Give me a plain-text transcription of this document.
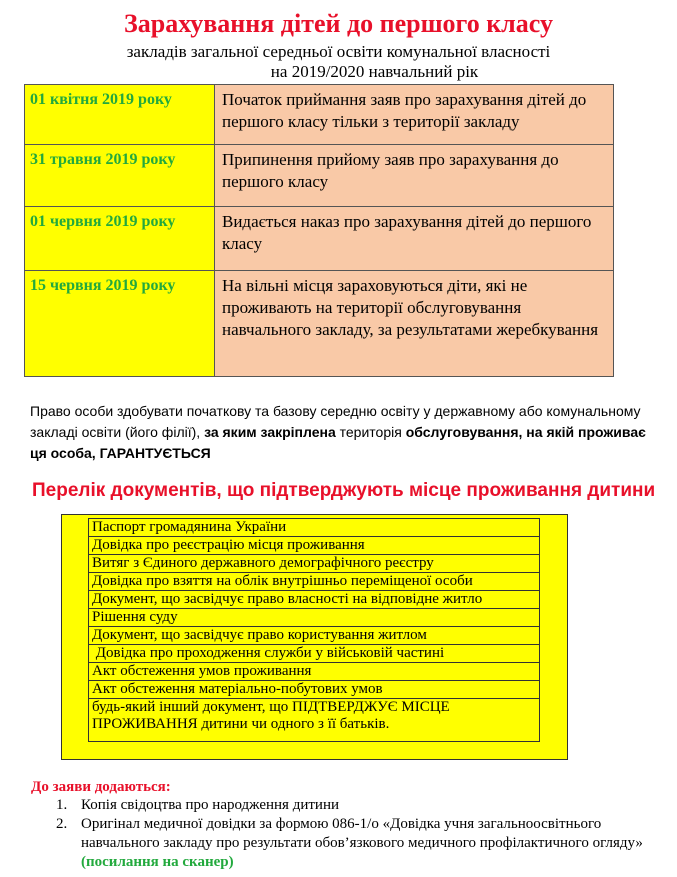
Зарахування дітей до першого класу
закладів загальної середньої освіти комунальної власності
на 2019/2020 навчальний рік
01 квітня 2019 року	Початок приймання заяв про зарахування дітей до першого класу тільки з території закладу
31 травня 2019 року	Припинення прийому заяв про зарахування до першого класу
01 червня 2019 року	Видається наказ про зарахування дітей до першого класу
15 червня 2019 року	На вільні місця зараховуються діти, які не проживають на території обслуговування навчального закладу, за результатами жеребкування
Право особи здобувати початкову та базову середню освіту у державному або комунальному закладі освіти (його філії), за яким закріплена територія обслуговування, на якій проживає ця особа, ГАРАНТУЄТЬСЯ
Перелік документів, що підтверджують місце проживання дитини
Паспорт громадянина України
Довідка про реєстрацію місця проживання
Витяг з Єдиного державного демографічного реєстру
Довідка про взяття на облік внутрішньо переміщеної особи
Документ, що засвідчує право власності на відповідне житло
Рішення суду
Документ, що засвідчує право користування житлом
Довідка про проходження служби у військовій частині
Акт обстеження умов проживання
Акт обстеження матеріально-побутових умов
будь-який інший документ, що ПІДТВЕРДЖУЄ МІСЦЕ ПРОЖИВАННЯ дитини чи одного з її батьків.
До заяви додаються:
1. Копія свідоцтва про народження дитини
2. Оригінал медичної довідки за формою 086-1/о «Довідка учня загальноосвітнього навчального закладу про результати обов’язкового медичного профілактичного огляду» (посилання на сканер)
